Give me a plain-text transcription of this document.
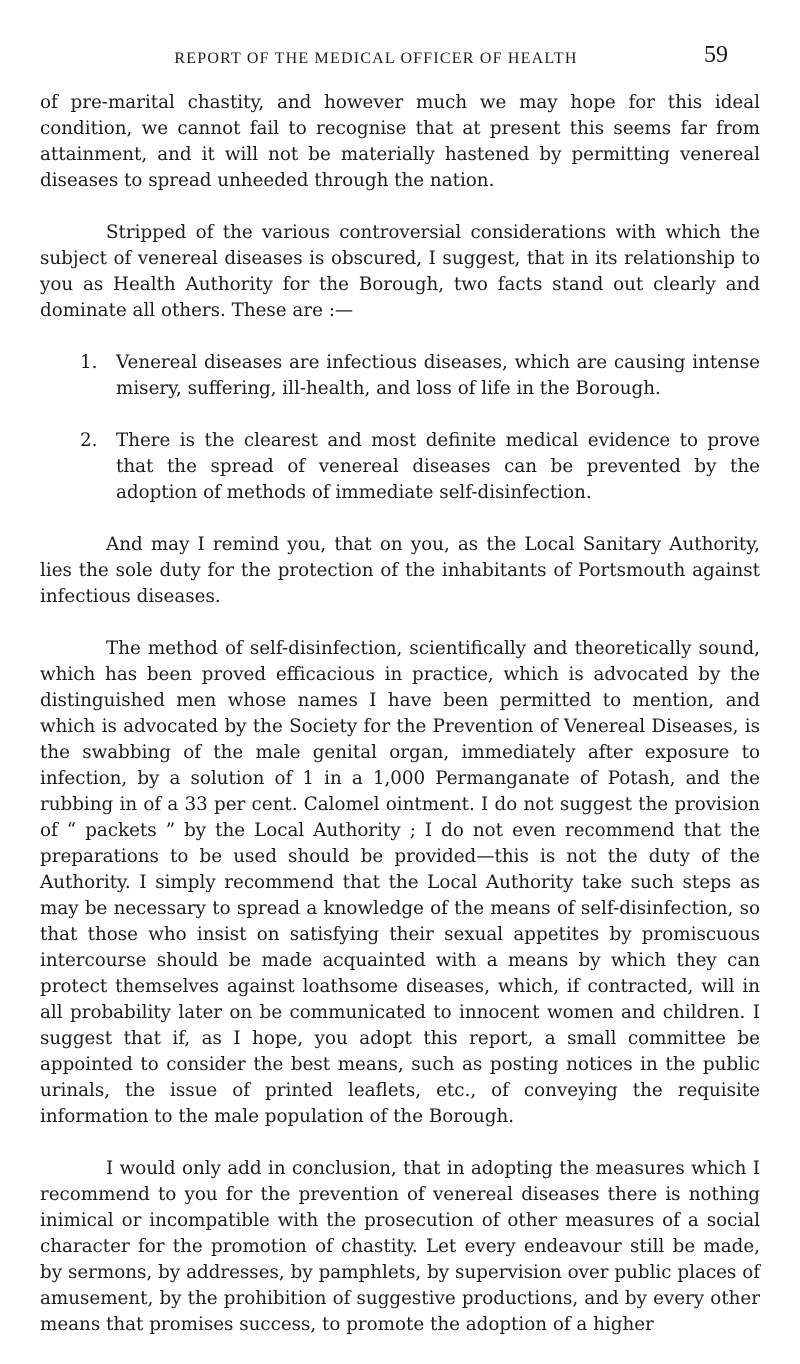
REPORT OF THE MEDICAL OFFICER OF HEALTH	59

of pre-marital chastity, and however much we may hope for this ideal condition, we cannot fail to recognise that at present this seems far from attainment, and it will not be materially hastened by permitting venereal diseases to spread unheeded through the nation.

Stripped of the various controversial considerations with which the subject of venereal diseases is obscured, I suggest, that in its relationship to you as Health Authority for the Borough, two facts stand out clearly and dominate all others. These are :—

1. Venereal diseases are infectious diseases, which are causing intense misery, suffering, ill-health, and loss of life in the Borough.
2. There is the clearest and most definite medical evidence to prove that the spread of venereal diseases can be prevented by the adoption of methods of immediate self-disinfection.

And may I remind you, that on you, as the Local Sanitary Authority, lies the sole duty for the protection of the inhabitants of Portsmouth against infectious diseases.

The method of self-disinfection, scientifically and theoretically sound, which has been proved efficacious in practice, which is advocated by the distinguished men whose names I have been permitted to mention, and which is advocated by the Society for the Prevention of Venereal Diseases, is the swabbing of the male genital organ, immediately after exposure to infection, by a solution of 1 in a 1,000 Permanganate of Potash, and the rubbing in of a 33 per cent. Calomel ointment. I do not suggest the provision of “ packets ” by the Local Authority ; I do not even recommend that the preparations to be used should be provided—this is not the duty of the Authority. I simply recommend that the Local Authority take such steps as may be necessary to spread a knowledge of the means of self-disinfection, so that those who insist on satisfying their sexual appetites by promiscuous intercourse should be made acquainted with a means by which they can protect themselves against loathsome diseases, which, if contracted, will in all probability later on be communicated to innocent women and children. I suggest that if, as I hope, you adopt this report, a small committee be appointed to consider the best means, such as posting notices in the public urinals, the issue of printed leaflets, etc., of conveying the requisite information to the male population of the Borough.

I would only add in conclusion, that in adopting the measures which I recommend to you for the prevention of venereal diseases there is nothing inimical or incompatible with the prosecution of other measures of a social character for the promotion of chastity. Let every endeavour still be made, by sermons, by addresses, by pamphlets, by supervision over public places of amusement, by the prohibition of suggestive productions, and by every other means that promises success, to promote the adoption of a higher
